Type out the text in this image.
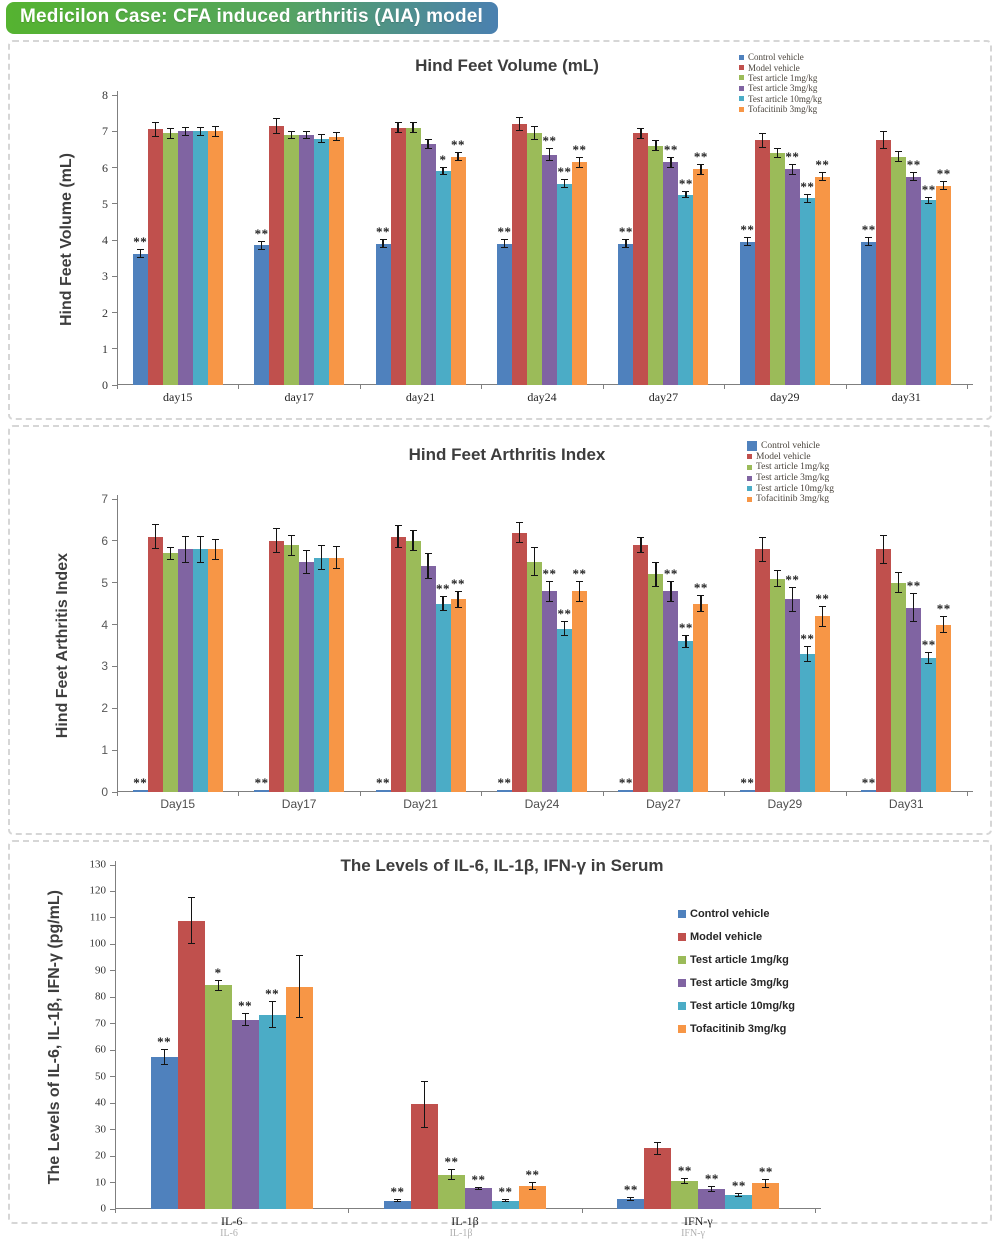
Medicilon Case: CFA induced arthritis (AIA) model
Hind Feet Volume (mL)
Hind Feet Volume (mL)
0
1
2
3
4
5
6
7
8
**
day15
**
day17
**
*
**
day21
**
**
**
**
day24
**
**
**
**
day27
**
**
**
**
day29
**
**
**
**
day31
Control vehicle
Model vehicle
Test article 1mg/kg
Test article 3mg/kg
Test article 10mg/kg
Tofacitinib 3mg/kg
Hind Feet Arthritis Index
Hind Feet Arthritis Index
0
1
2
3
4
5
6
7
**
Day15
**
Day17
**
** **
Day21
**
**
**
**
Day24
**
**
**
**
Day27
**
**
**
**
Day29
**
**
**
**
Day31
Control vehicle
Model vehicle
Test article 1mg/kg
Test article 3mg/kg
Test article 10mg/kg
Tofacitinib 3mg/kg
The Levels of IL-6, IL-1β, IFN-γ in Serum
The Levels of IL-6, IL-1β, IFN-γ (pg/mL)
0
10
20
30
40
50
60
70
80
90
100
110
120
130
**
*
**
**
IL-6
**
**
**
**
**
IL-1β
**
**
** **
**
IFN-γ
Control vehicle
Model vehicle
Test article 1mg/kg
Test article 3mg/kg
Test article 10mg/kg
Tofacitinib 3mg/kg
IL-6	IL-1β	IFN-γ
